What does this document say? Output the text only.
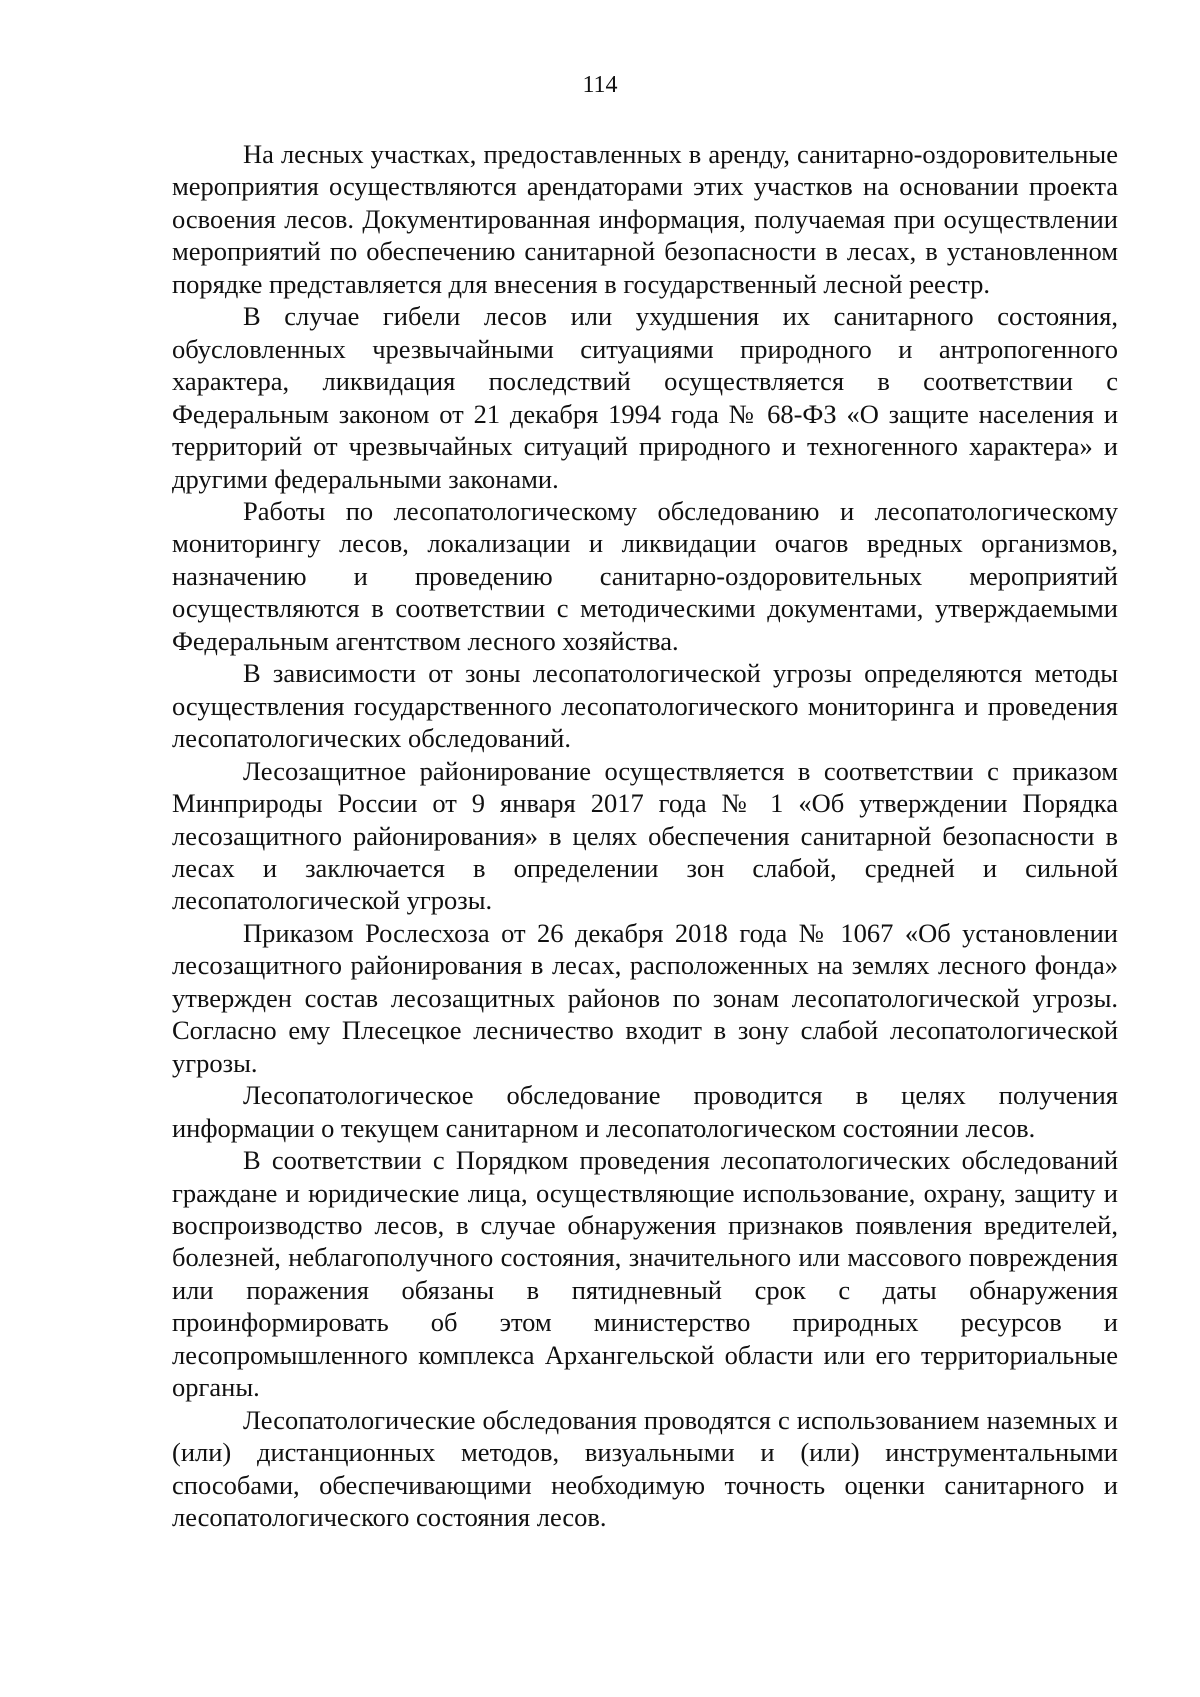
114

На лесных участках, предоставленных в аренду, санитарно-оздоровительные мероприятия осуществляются арендаторами этих участков на основании проекта освоения лесов. Документированная информация, получаемая при осуществлении мероприятий по обеспечению санитарной безопасности в лесах, в установленном порядке представляется для внесения в государственный лесной реестр.

В случае гибели лесов или ухудшения их санитарного состояния, обусловленных чрезвычайными ситуациями природного и антропогенного характера, ликвидация последствий осуществляется в соответствии с Федеральным законом от 21 декабря 1994 года № 68-ФЗ «О защите населения и территорий от чрезвычайных ситуаций природного и техногенного характера» и другими федеральными законами.

Работы по лесопатологическому обследованию и лесопатологическому мониторингу лесов, локализации и ликвидации очагов вредных организмов, назначению и проведению санитарно-оздоровительных мероприятий осуществляются в соответствии с методическими документами, утверждаемыми Федеральным агентством лесного хозяйства.

В зависимости от зоны лесопатологической угрозы определяются методы осуществления государственного лесопатологического мониторинга и проведения лесопатологических обследований.

Лесозащитное районирование осуществляется в соответствии с приказом Минприроды России от 9 января 2017 года № 1 «Об утверждении Порядка лесозащитного районирования» в целях обеспечения санитарной безопасности в лесах и заключается в определении зон слабой, средней и сильной лесопатологической угрозы.

Приказом Рослесхоза от 26 декабря 2018 года № 1067 «Об установлении лесозащитного районирования в лесах, расположенных на землях лесного фонда» утвержден состав лесозащитных районов по зонам лесопатологической угрозы. Согласно ему Плесецкое лесничество входит в зону слабой лесопатологической угрозы.

Лесопатологическое обследование проводится в целях получения информации о текущем санитарном и лесопатологическом состоянии лесов.

В соответствии с Порядком проведения лесопатологических обследований граждане и юридические лица, осуществляющие использование, охрану, защиту и воспроизводство лесов, в случае обнаружения признаков появления вредителей, болезней, неблагополучного состояния, значительного или массового повреждения или поражения обязаны в пятидневный срок с даты обнаружения проинформировать об этом министерство природных ресурсов и лесопромышленного комплекса Архангельской области или его территориальные органы.

Лесопатологические обследования проводятся с использованием наземных и (или) дистанционных методов, визуальными и (или) инструментальными способами, обеспечивающими необходимую точность оценки санитарного и лесопатологического состояния лесов.
